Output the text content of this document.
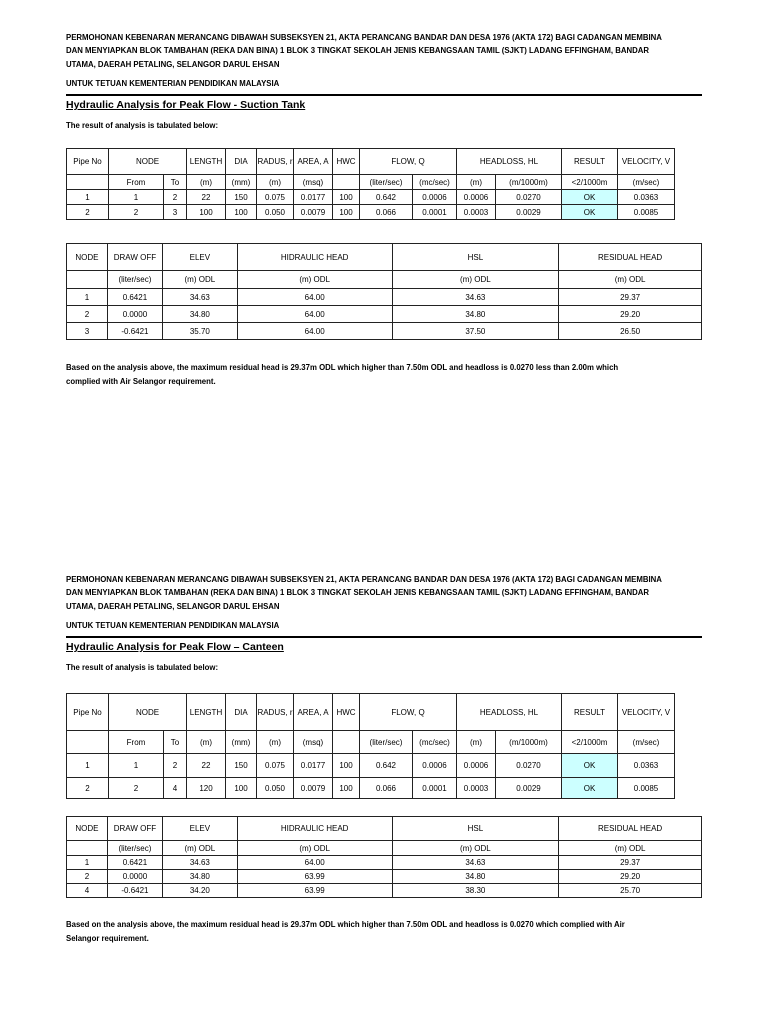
PERMOHONAN KEBENARAN MERANCANG DIBAWAH SUBSEKSYEN 21, AKTA PERANCANG BANDAR DAN DESA 1976 (AKTA 172) BAGI CADANGAN MEMBINA

DAN MENYIAPKAN BLOK TAMBAHAN (REKA DAN BINA) 1 BLOK 3 TINGKAT SEKOLAH JENIS KEBANGSAAN TAMIL (SJKT) LADANG EFFINGHAM, BANDAR

UTAMA, DAERAH PETALING, SELANGOR DARUL EHSAN

UNTUK TETUAN KEMENTERIAN PENDIDIKAN MALAYSIA

Hydraulic Analysis for Peak Flow - Suction Tank

The result of analysis is tabulated below:

Pipe No	NODE		LENGTH	DIA	RADUS, r	AREA, A	HWC	FLOW, Q		HEADLOSS, HL		RESULT	VELOCITY, V
	From	To	(m)	(mm)	(m)	(msq)		(liter/sec)	(mc/sec)	(m)	(m/1000m)	<2/1000m	(m/sec)
1	1	2	22	150	0.075	0.0177	100	0.642	0.0006	0.0006	0.0270	OK	0.0363
2	2	3	100	100	0.050	0.0079	100	0.066	0.0001	0.0003	0.0029	OK	0.0085
NODE	DRAW OFF	ELEV	HIDRAULIC HEAD	HSL	RESIDUAL HEAD
	(liter/sec)	(m) ODL	(m) ODL	(m) ODL	(m) ODL
1	0.6421	34.63	64.00	34.63	29.37
2	0.0000	34.80	64.00	34.80	29.20
3	-0.6421	35.70	64.00	37.50	26.50

Based on the analysis above, the maximum residual head is 29.37m ODL which higher than 7.50m ODL and headloss is 0.0270 less than 2.00m which

complied with Air Selangor requirement.

PERMOHONAN KEBENARAN MERANCANG DIBAWAH SUBSEKSYEN 21, AKTA PERANCANG BANDAR DAN DESA 1976 (AKTA 172) BAGI CADANGAN MEMBINA

DAN MENYIAPKAN BLOK TAMBAHAN (REKA DAN BINA) 1 BLOK 3 TINGKAT SEKOLAH JENIS KEBANGSAAN TAMIL (SJKT) LADANG EFFINGHAM, BANDAR

UTAMA, DAERAH PETALING, SELANGOR DARUL EHSAN

UNTUK TETUAN KEMENTERIAN PENDIDIKAN MALAYSIA

Hydraulic Analysis for Peak Flow – Canteen

The result of analysis is tabulated below:

Pipe No	NODE		LENGTH	DIA	RADUS, r	AREA, A	HWC	FLOW, Q		HEADLOSS, HL		RESULT	VELOCITY, V
	From	To	(m)	(mm)	(m)	(msq)		(liter/sec)	(mc/sec)	(m)	(m/1000m)	<2/1000m	(m/sec)
1	1	2	22	150	0.075	0.0177	100	0.642	0.0006	0.0006	0.0270	OK	0.0363
2	2	4	120	100	0.050	0.0079	100	0.066	0.0001	0.0003	0.0029	OK	0.0085
NODE	DRAW OFF	ELEV	HIDRAULIC HEAD	HSL	RESIDUAL HEAD
	(liter/sec)	(m) ODL	(m) ODL	(m) ODL	(m) ODL
1	0.6421	34.63	64.00	34.63	29.37
2	0.0000	34.80	63.99	34.80	29.20
4	-0.6421	34.20	63.99	38.30	25.70

Based on the analysis above, the maximum residual head is 29.37m ODL which higher than 7.50m ODL and headloss is 0.0270 which complied with Air

Selangor requirement.
